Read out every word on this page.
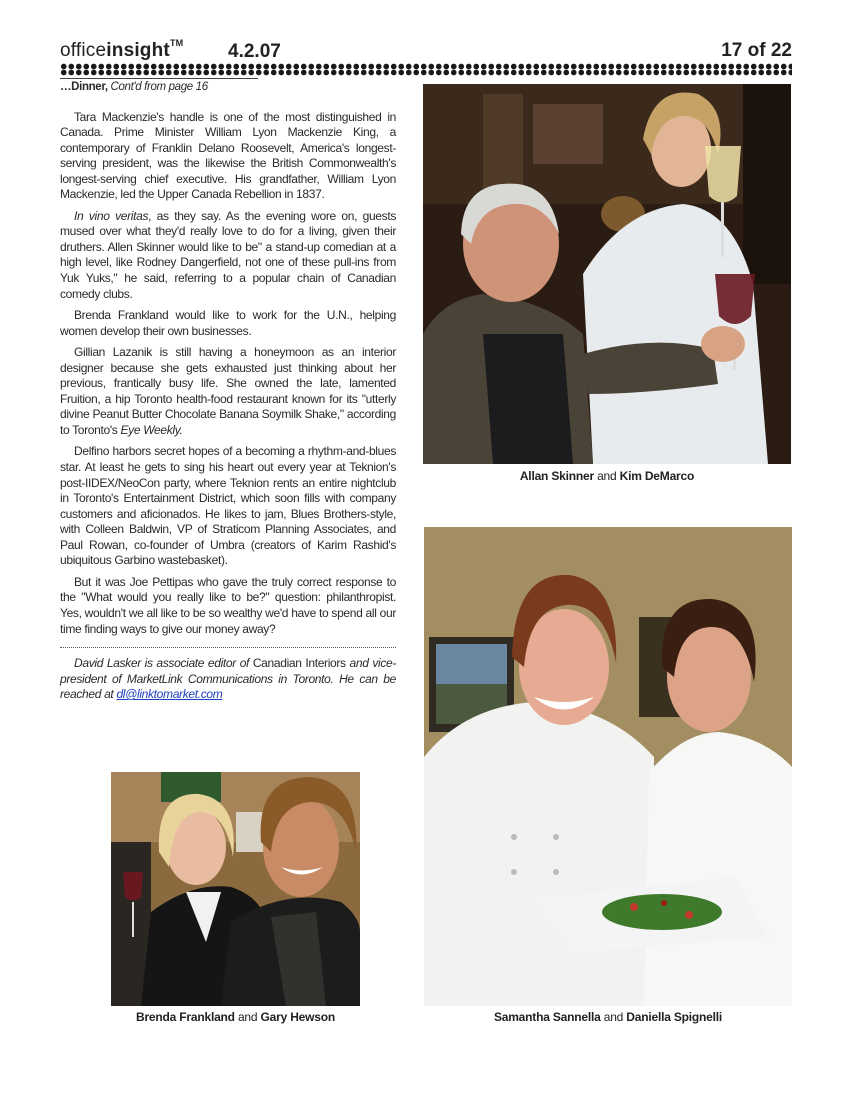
officeinsight™ 4.2.07	17 of 22
…Dinner, Cont'd from page 16

Tara Mackenzie's handle is one of the most distinguished in Canada. Prime Minister William Lyon Mackenzie King, a contemporary of Franklin Delano Roosevelt, America's longest-serving president, was the likewise the British Commonwealth's longest-serving chief executive. His grandfather, William Lyon Mackenzie, led the Upper Canada Rebellion in 1837.

In vino veritas, as they say. As the evening wore on, guests mused over what they'd really love to do for a living, given their druthers. Allen Skinner would like to be" a stand-up comedian at a high level, like Rodney Dangerfield, not one of these pull-ins from Yuk Yuks," he said, referring to a popular chain of Canadian comedy clubs.

Brenda Frankland would like to work for the U.N., helping women develop their own businesses.

Gillian Lazanik is still having a honeymoon as an interior designer because she gets exhausted just thinking about her previous, frantically busy life. She owned the late, lamented Fruition, a hip Toronto health-food restaurant known for its "utterly divine Peanut Butter Chocolate Banana Soymilk Shake," according to Toronto's Eye Weekly.

Delfino harbors secret hopes of a becoming a rhythm-and-blues star. At least he gets to sing his heart out every year at Teknion's post-IIDEX/NeoCon party, where Teknion rents an entire nightclub in Toronto's Entertainment District, which soon fills with company customers and aficionados. He likes to jam, Blues Brothers-style, with Colleen Baldwin, VP of Straticom Planning Associates, and Paul Rowan, co-founder of Umbra (creators of Karim Rashid's ubiquitous Garbino wastebasket).

But it was Joe Pettipas who gave the truly correct response to the "What would you really like to be?" question: philanthropist. Yes, wouldn't we all like to be so wealthy we'd have to spend all our time finding ways to give our money away?

David Lasker is associate editor of Canadian Interiors and vice-president of MarketLink Communications in Toronto. He can be reached at dl@linktomarket.com

Allan Skinner and Kim DeMarco
Samantha Sannella and Daniella Spignelli
Brenda Frankland and Gary Hewson
